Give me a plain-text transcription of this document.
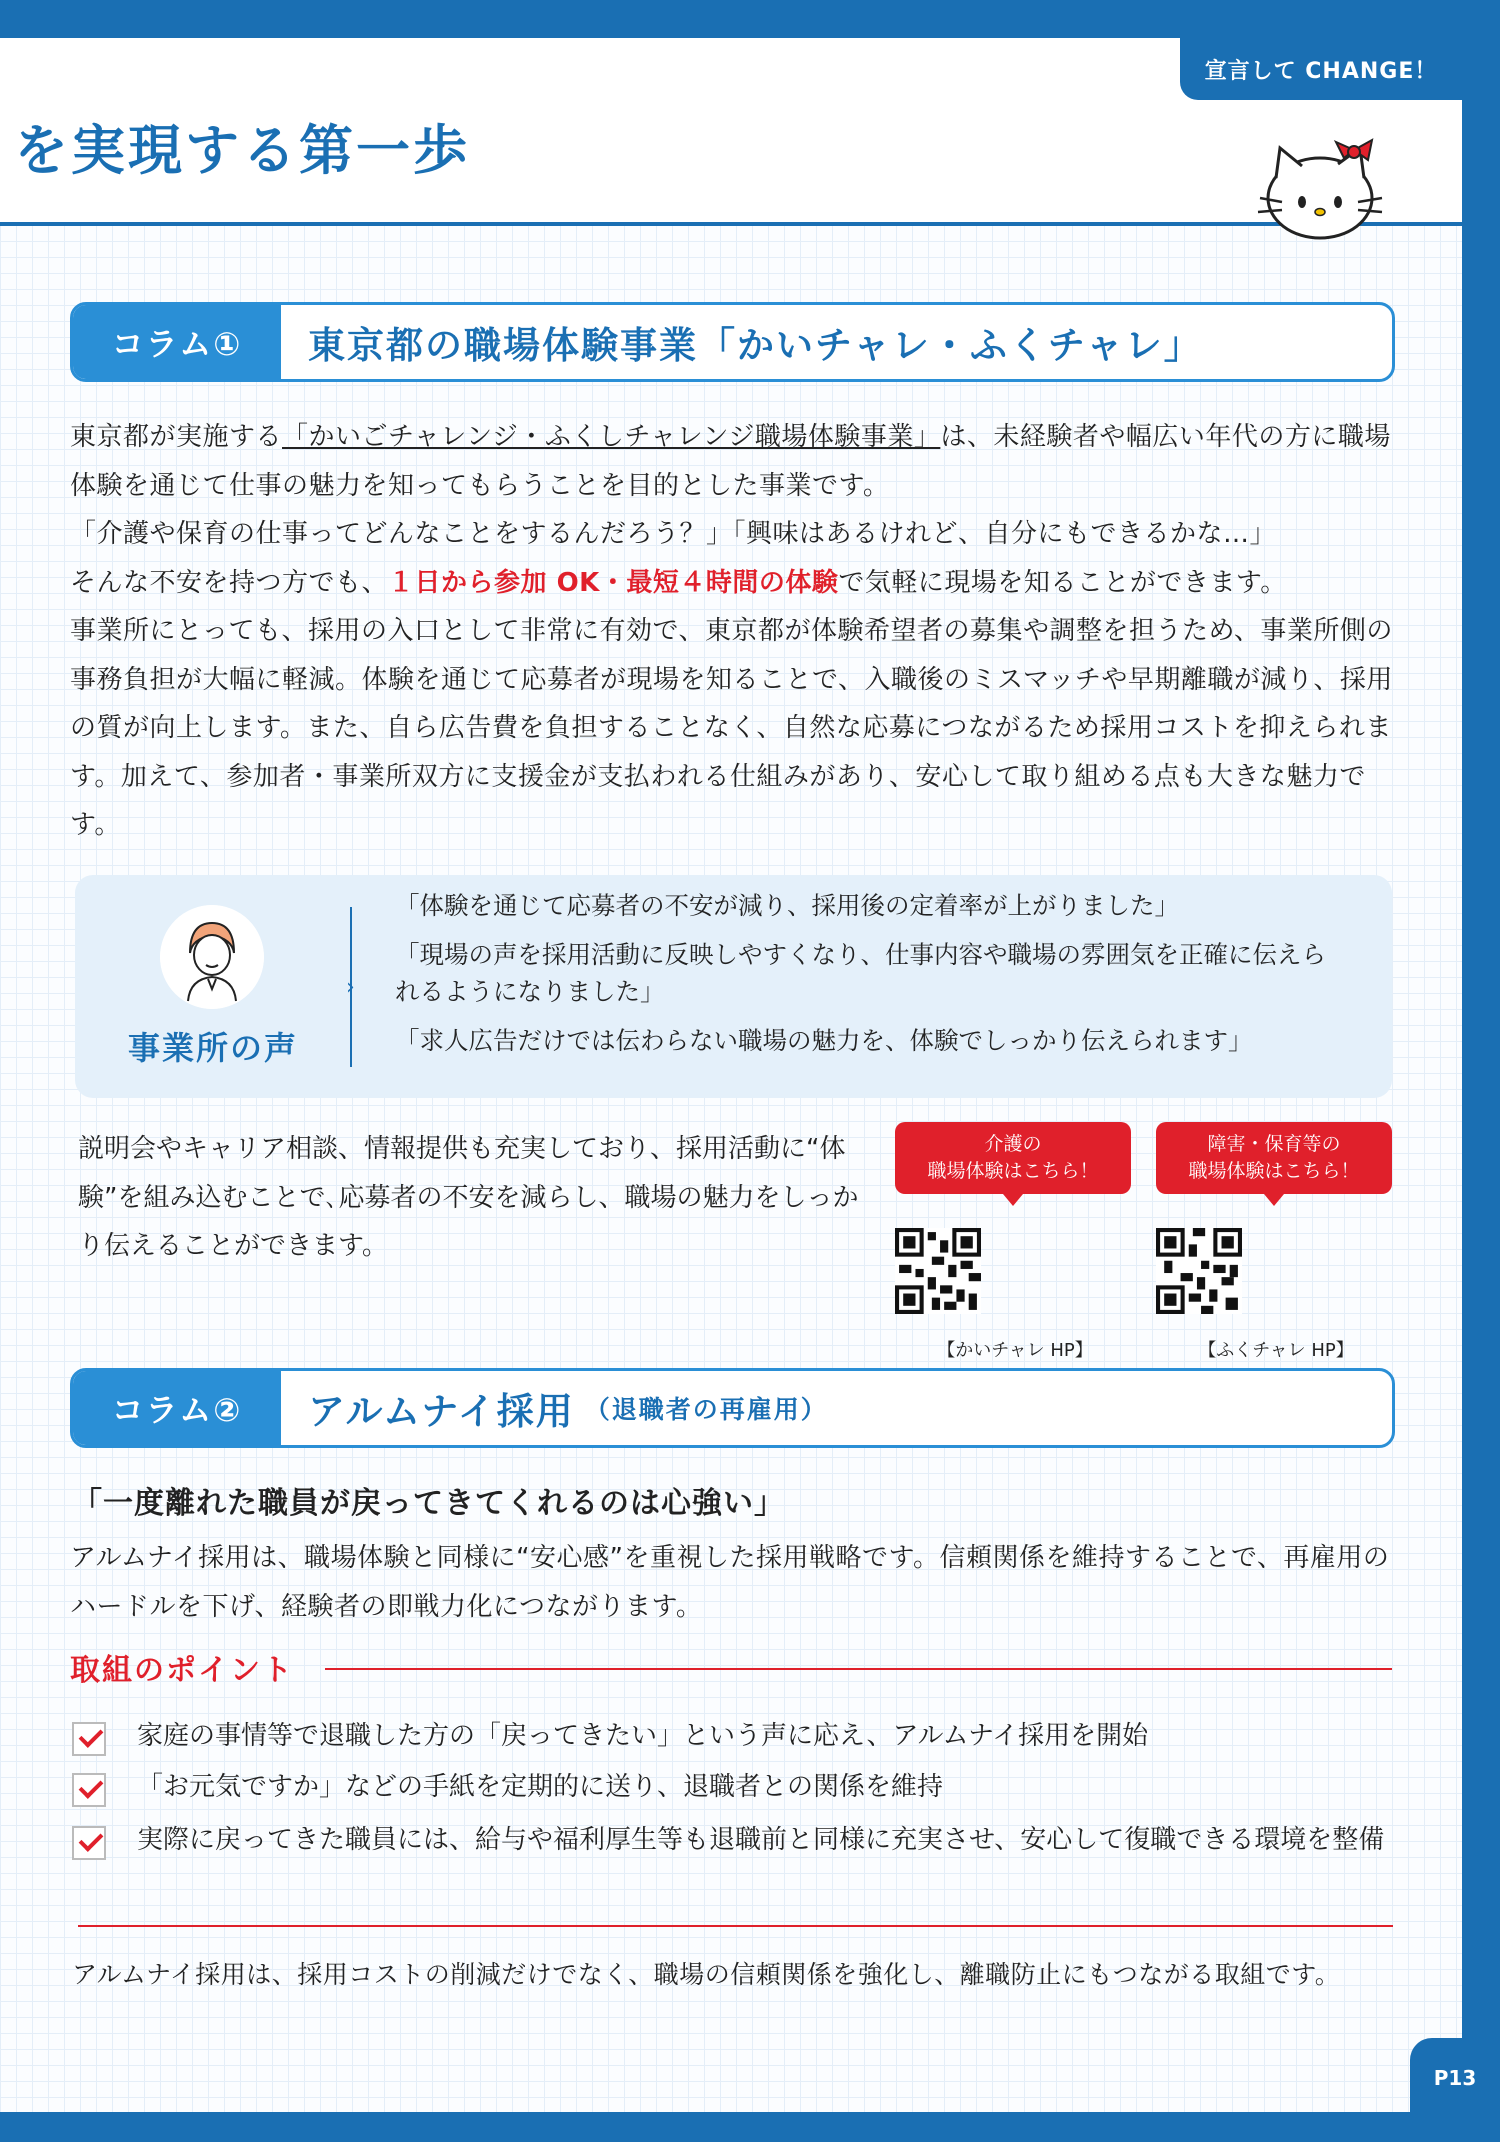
宣言して CHANGE！
を実現する第一歩
コラム①	東京都の職場体験事業「かいチャレ・ふくチャレ」

東京都が実施する「かいごチャレンジ・ふくしチャレンジ職場体験事業」は、未経験者や幅広い年代の方に職場体験を通じて仕事の魅力を知ってもらうことを目的とした事業です。

「介護や保育の仕事ってどんなことをするんだろう？」「興味はあるけれど、自分にもできるかな…」

そんな不安を持つ方でも、１日から参加 OK・最短４時間の体験で気軽に現場を知ることができます。

事業所にとっても、採用の入口として非常に有効で、東京都が体験希望者の募集や調整を担うため、事業所側の事務負担が大幅に軽減。体験を通じて応募者が現場を知ることで、入職後のミスマッチや早期離職が減り、採用の質が向上します。また、自ら広告費を負担することなく、自然な応募につながるため採用コストを抑えられます。加えて、参加者・事業所双方に支援金が支払われる仕組みがあり、安心して取り組める点も大きな魅力です。

事業所の声
›
「体験を通じて応募者の不安が減り、採用後の定着率が上がりました」
「現場の声を採用活動に反映しやすくなり、仕事内容や職場の雰囲気を正確に伝えられるようになりました」
「求人広告だけでは伝わらない職場の魅力を、体験でしっかり伝えられます」
説明会やキャリア相談、情報提供も充実しており、採用活動に“体験”を組み込むことで､応募者の不安を減らし、職場の魅力をしっかり伝えることができます。
介護の
職場体験はこちら！
【かいチャレ HP】
障害・保育等の
職場体験はこちら！
【ふくチャレ HP】
コラム②	アルムナイ採用 （退職者の再雇用）
「一度離れた職員が戻ってきてくれるのは心強い」
アルムナイ採用は、職場体験と同様に“安心感”を重視した採用戦略です。信頼関係を維持することで、再雇用のハードルを下げ、経験者の即戦力化につながります。
取組のポイント
家庭の事情等で退職した方の「戻ってきたい」という声に応え、アルムナイ採用を開始
「お元気ですか」などの手紙を定期的に送り、退職者との関係を維持
実際に戻ってきた職員には、給与や福利厚生等も退職前と同様に充実させ、安心して復職できる環境を整備
アルムナイ採用は、採用コストの削減だけでなく、職場の信頼関係を強化し、離職防止にもつながる取組です。
P13
